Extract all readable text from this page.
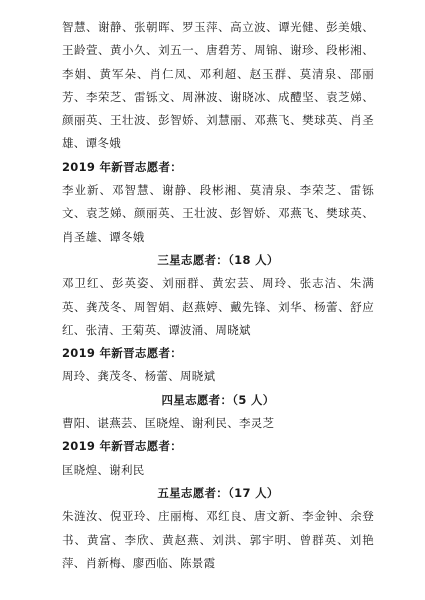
智慧、谢静、张朝晖、罗玉萍、高立波、谭光健、彭美娥、王龄萱、黄小久、刘五一、唐碧芳、周锦、谢珍、段彬湘、李娟、黄军朵、肖仁凤、邓利超、赵玉群、莫清泉、邵丽芳、李荣芝、雷铄文、周淋波、谢晓冰、成醴坚、袁芝娣、颜丽英、王壮波、彭智娇、刘慧丽、邓燕飞、樊球英、肖圣雄、谭冬娥

2019 年新晋志愿者：

李业新、邓智慧、谢静、段彬湘、莫清泉、李荣芝、雷铄文、袁芝娣、颜丽英、王壮波、彭智娇、邓燕飞、樊球英、肖圣雄、谭冬娥

三星志愿者：（18 人）

邓卫红、彭英姿、刘丽群、黄宏芸、周玲、张志洁、朱满英、龚茂冬、周智娟、赵燕婷、戴先锋、刘华、杨蕾、舒应红、张清、王菊英、谭波涌、周晓斌

2019 年新晋志愿者：

周玲、龚茂冬、杨蕾、周晓斌

四星志愿者：（5 人）

曹阳、谌燕芸、匡晓煌、谢利民、李灵芝

2019 年新晋志愿者：

匡晓煌、谢利民

五星志愿者：（17 人）

朱涟汝、倪亚玲、庄丽梅、邓红良、唐文新、李金钟、余登书、黄富、李欣、黄赵燕、刘洪、郭宇明、曾群英、刘艳萍、肖新梅、廖西临、陈景霞
